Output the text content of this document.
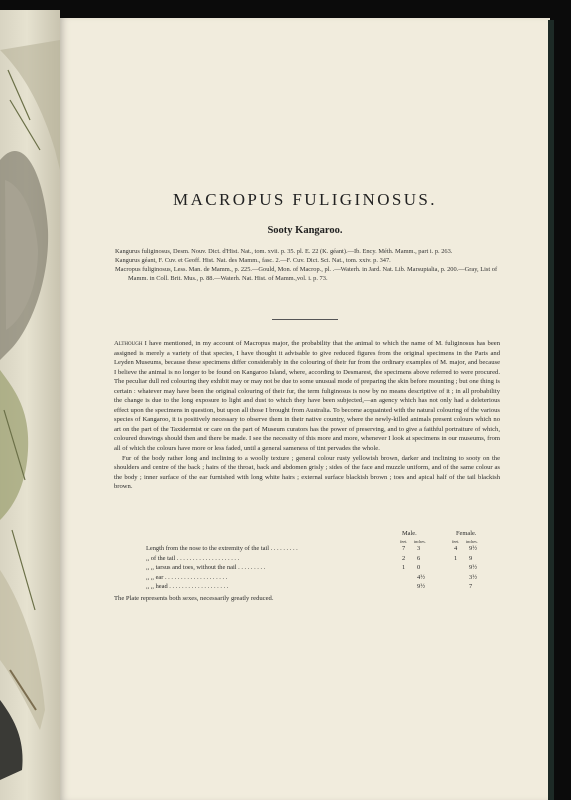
MACROPUS FULIGINOSUS.
Sooty Kangaroo.

Kangurus fuliginosus, Desm. Nouv. Dict. d'Hist. Nat., tom. xvii. p. 35. pl. E. 22 (K. géant).—Ib. Ency. Méth. Mamm., part i. p. 263.

Kangurus géant, F. Cuv. et Geoff. Hist. Nat. des Mamm., fasc. 2.—F. Cuv. Dict. Sci. Nat., tom. xxiv. p. 347.

Macropus fuliginosus, Less. Man. de Mamm., p. 225.—Gould, Mon. of Macrop., pl. .—Waterh. in Jard. Nat. Lib. Marsupialia, p. 200.—Gray, List of Mamm. in Coll. Brit. Mus., p. 88.—Waterh. Nat. Hist. of Mamm.,vol. i. p. 73.

Although I have mentioned, in my account of Macropus major, the probability that the animal to which the name of M. fuliginosus has been assigned is merely a variety of that species, I have thought it advisable to give reduced figures from the original specimens in the Paris and Leyden Museums, because these specimens differ considerably in the colouring of their fur from the ordinary examples of M. major, and because I believe the animal is no longer to be found on Kangaroo Island, where, according to Desmarest, the specimens above referred to were procured. The peculiar dull red colouring they exhibit may or may not be due to some unusual mode of preparing the skin before mounting ; but one thing is certain : whatever may have been the original colouring of their fur, the term fuliginosus is now by no means descriptive of it ; in all probability the change is due to the long exposure to light and dust to which they have been subjected,—an agency which has not only had a deleterious effect upon the specimens in question, but upon all those I brought from Australia. To become acquainted with the natural colouring of the various species of Kangaroo, it is positively necessary to observe them in their native country, where the newly-killed animals present colours which no art on the part of the Taxidermist or care on the part of Museum curators has the power of preserving, and to give a faithful portraiture of which, coloured drawings should then and there be made. I see the necessity of this more and more, whenever I look at specimens in our museums, from all of which the colours have more or less faded, until a general sameness of tint pervades the whole.

Fur of the body rather long and inclining to a woolly texture ; general colour rusty yellowish brown, darker and inclining to sooty on the shoulders and centre of the back ; hairs of the throat, back and abdomen grisly ; sides of the face and muzzle uniform, and of the same colour as the body ; inner surface of the ear furnished with long white hairs ; external surface blackish brown ; toes and apical half of the tail blackish brown.

Male.	Female.
feet. inches.	feet. inches.
Length from the nose to the extremity of the tail . . . . . . . . .	7 3	4 9½
,, of the tail . . . . . . . . . . . . . . . . . . . .	2 6	1 9
,, ,, tarsus and toes, without the nail . . . . . . . . .	1 0	9½
,, ,, ear . . . . . . . . . . . . . . . . . . . .	4½	3½
,, ,, head . . . . . . . . . . . . . . . . . . .	9½	7
The Plate represents both sexes, necessarily greatly reduced.
